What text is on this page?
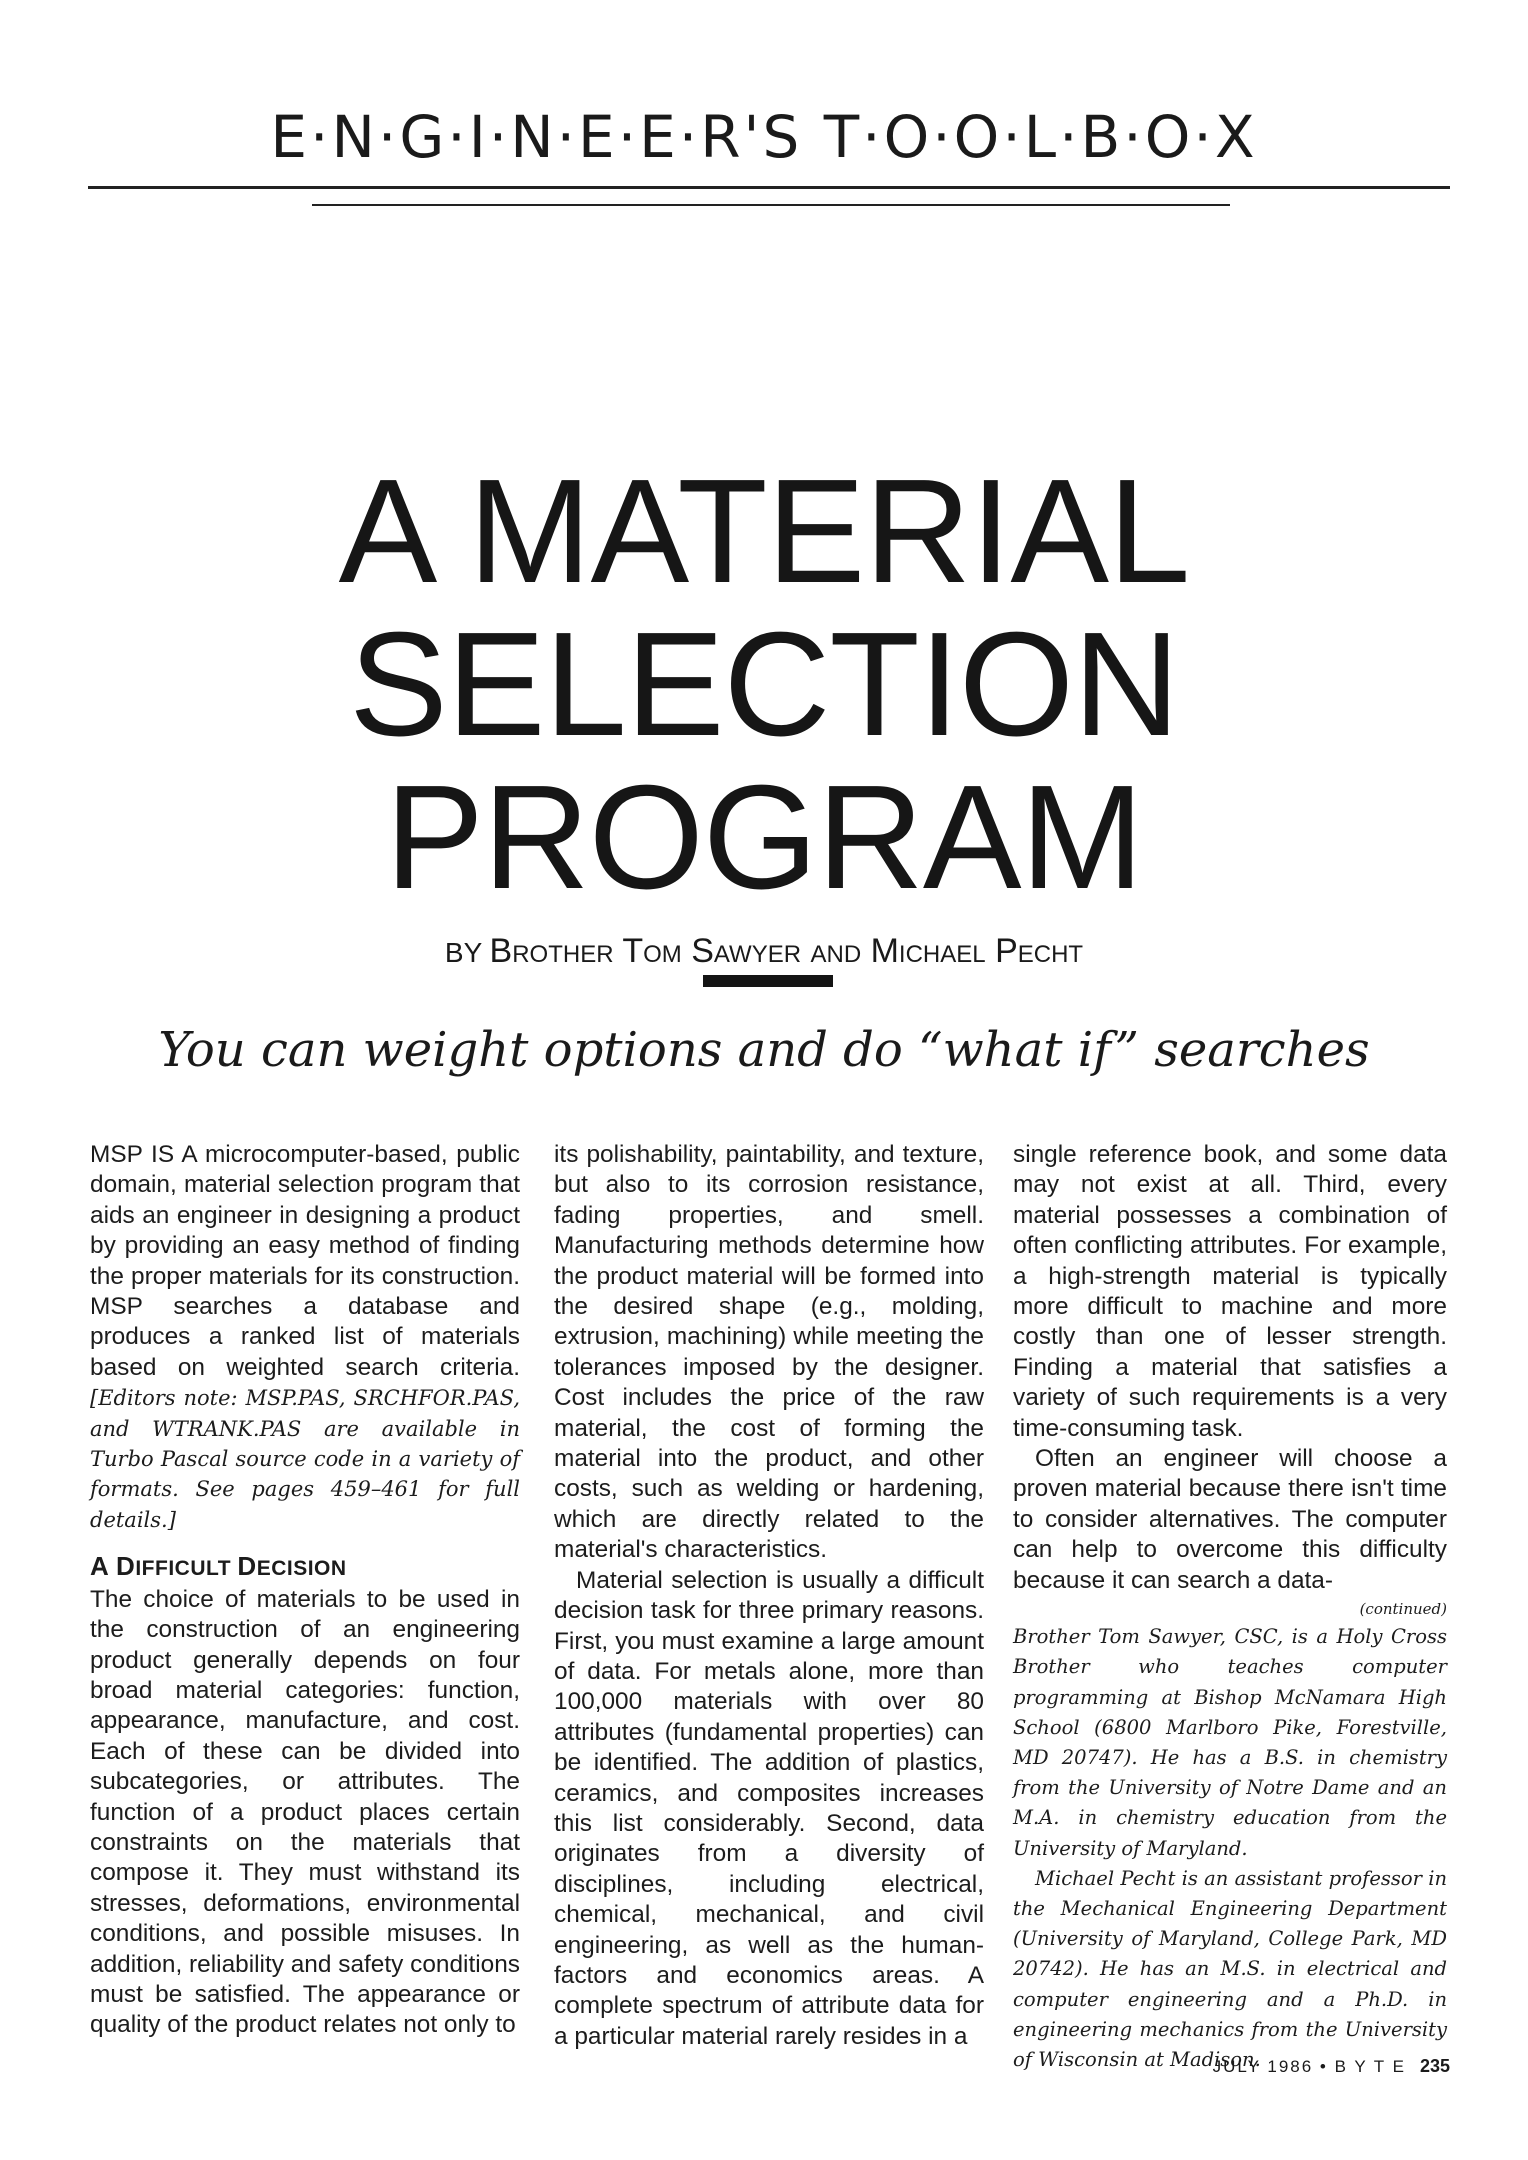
E·N·G·I·N·E·E·R'S T·O·O·L·B·O·X
A MATERIAL
SELECTION
PROGRAM
BY Brother Tom Sawyer and Michael Pecht
You can weight options and do “what if” searches

MSP IS A microcomputer-based, public domain, material selection program that aids an engineer in designing a product by providing an easy method of finding the proper materials for its construction. MSP searches a database and produces a ranked list of materials based on weighted search criteria. [Editors note: MSP.PAS, SRCHFOR.PAS, and WTRANK.PAS are available in Turbo Pascal source code in a variety of formats. See pages 459–461 for full details.]

A DIFFICULT DECISION

The choice of materials to be used in the construction of an engineering product generally depends on four broad material categories: function, appearance, manufacture, and cost. Each of these can be divided into subcategories, or attributes. The function of a product places certain constraints on the materials that compose it. They must withstand its stresses, deformations, environmental conditions, and possible misuses. In addition, reliability and safety conditions must be satisfied. The appearance or quality of the product relates not only to

its polishability, paintability, and texture, but also to its corrosion resistance, fading properties, and smell. Manufacturing methods determine how the product material will be formed into the desired shape (e.g., molding, extrusion, machining) while meeting the tolerances imposed by the designer. Cost includes the price of the raw material, the cost of forming the material into the product, and other costs, such as welding or hardening, which are directly related to the material's characteristics.

Material selection is usually a difficult decision task for three primary reasons. First, you must examine a large amount of data. For metals alone, more than 100,000 materials with over 80 attributes (fundamental properties) can be identified. The addition of plastics, ceramics, and composites increases this list considerably. Second, data originates from a diversity of disciplines, including electrical, chemical, mechanical, and civil engineering, as well as the human-factors and economics areas. A complete spectrum of attribute data for a particular material rarely resides in a

single reference book, and some data may not exist at all. Third, every material possesses a combination of often conflicting attributes. For example, a high-strength material is typically more difficult to machine and more costly than one of lesser strength. Finding a material that satisfies a variety of such requirements is a very time-consuming task.

Often an engineer will choose a proven material because there isn't time to consider alternatives. The computer can help to overcome this difficulty because it can search a data-

(continued)

Brother Tom Sawyer, CSC, is a Holy Cross Brother who teaches computer programming at Bishop McNamara High School (6800 Marlboro Pike, Forestville, MD 20747). He has a B.S. in chemistry from the University of Notre Dame and an M.A. in chemistry education from the University of Maryland.

Michael Pecht is an assistant professor in the Mechanical Engineering Department (University of Maryland, College Park, MD 20742). He has an M.S. in electrical and computer engineering and a Ph.D. in engineering mechanics from the University of Wisconsin at Madison.

JULY 1986 • B Y T E 235
